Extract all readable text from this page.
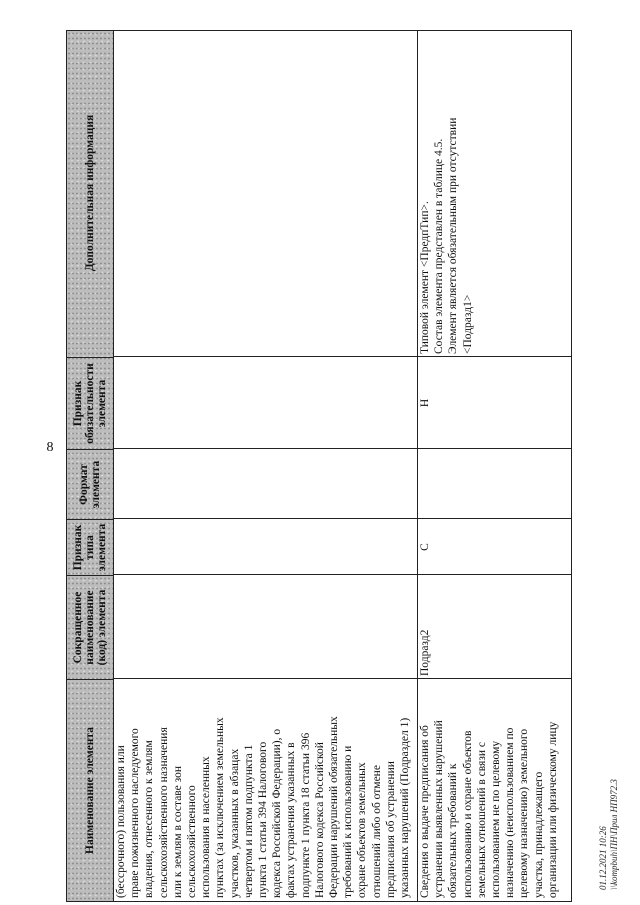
8
Наименование элемента
Сокращенное наименование (код) элемента
Признак типа элемента
Формат элемента
Признак обязательности элемента
Дополнительная информация
(бессрочного) пользования или праве пожизненного наследуемого владения, отнесенного к землям сельскохозяйственного назначения или к землям в составе зон сельскохозяйственного использования в населенных пунктах (за исключением земельных участков, указанных в абзацах четвертом и пятом подпункта 1 пункта 1 статьи 394 Налогового кодекса Российской Федерации), о фактах устранения указанных в подпункте 1 пункта 18 статьи 396 Налогового кодекса Российской Федерации нарушений обязательных требований к использованию и охране объектов земельных отношений либо об отмене предписания об устранении указанных нарушений (Подраздел 1) Сведения о выдаче предписания об устранении выявленных нарушений обязательных требований к использованию и охране объектов земельных отношений в связи с использованием не по целевому назначению (неиспользованием по целевому назначению) земельного участка, принадлежащего организации или физическому лицу
Подразд2
С
Н
Типовой элемент <ПредпТип>. Состав элемента представлен в таблице 4.5. Элемент является обязательным при отсутствии <Подразд1>
01.12.2021 10:26 \\kompbuh\ПН\Прил НП972.3
